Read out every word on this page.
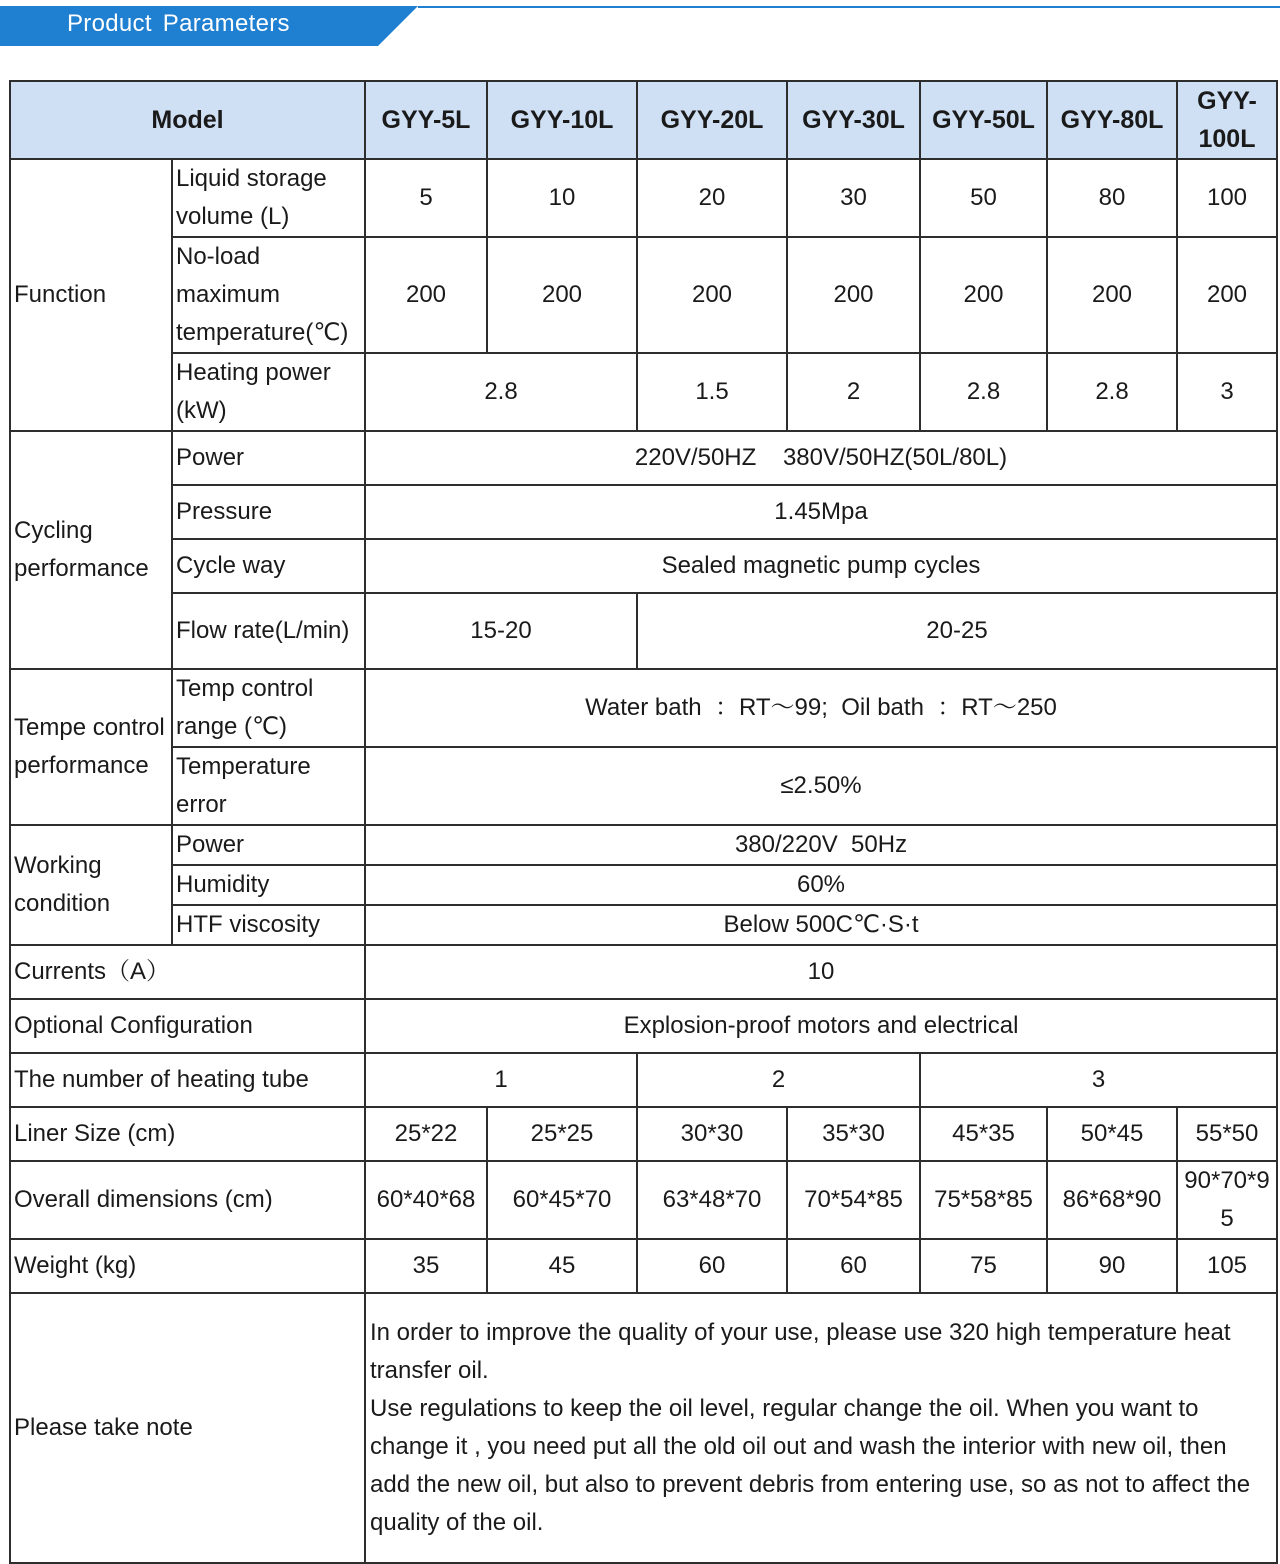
Product Parameters
Model		GYY-5L	GYY-10L	GYY-20L	GYY-30L	GYY-50L	GYY-80L	GYY-100L
Function	Liquid storage volume (L)	5	10	20	30	50	80	100
	No-load maximum temperature(℃)	200	200	200	200	200	200	200
	Heating power (kW)	2.8		1.5	2	2.8	2.8	3
Cycling performance	Power	220V/50HZ    380V/50HZ(50L/80L)						
	Pressure	1.45Mpa						
	Cycle way	Sealed magnetic pump cycles						
	Flow rate(L/min)	15-20		20-25				
Tempe control performance	Temp control range (℃)	Water bath  ：RT～99;  Oil bath  ：RT～250						
	Temperature error	≤2.50%						
Working condition	Power	380/220V  50Hz						
	Humidity	60%						
	HTF viscosity	Below 500C℃·S·t						
Currents（A）		10						
Optional Configuration		Explosion-proof motors and electrical						
The number of heating tube		1		2		3		
Liner Size (cm)		25*22	25*25	30*30	35*30	45*35	50*45	55*50
Overall dimensions (cm)		60*40*68	60*45*70	63*48*70	70*54*85	75*58*85	86*68*90	90*70*95
Weight (kg)		35	45	60	60	75	90	105
Please take note		In order to improve the quality of your use, please use 320 high temperature heat transfer oil.
Use regulations to keep the oil level, regular change the oil. When you want to change it , you need put all the old oil out and wash the interior with new oil, then add the new oil, but also to prevent debris from entering use, so as not to affect the quality of the oil.						
